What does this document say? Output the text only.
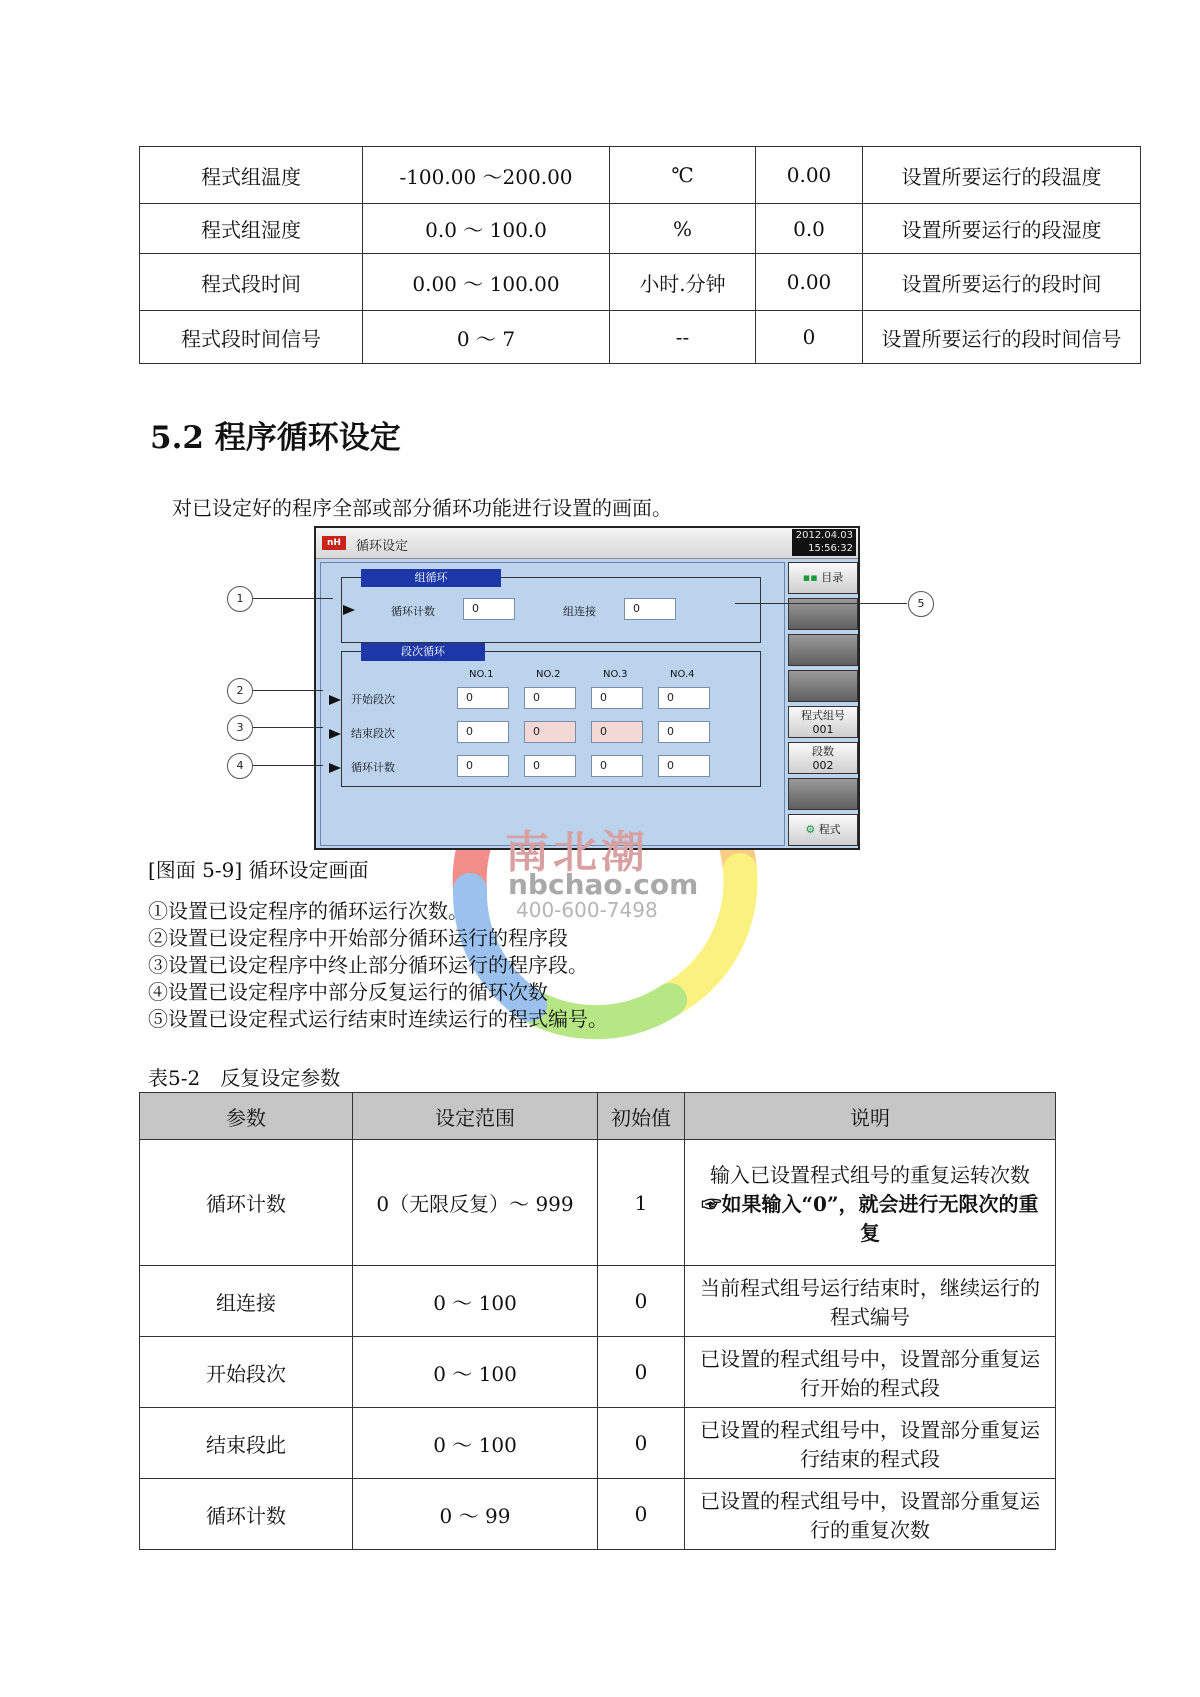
程式组温度	-100.00 ～200.00	℃	0.00	设置所要运行的段温度
程式组湿度	0.0 ～ 100.0	%	0.0	设置所要运行的段湿度
程式段时间	0.00 ～ 100.00	小时.分钟	0.00	设置所要运行的段时间
程式段时间信号	0 ～ 7	--	0	设置所要运行的段时间信号
5.2 程序循环设定

对已设定好的程序全部或部分循环功能进行设置的画面。

nH	循环设定
2012.04.03
15:56:32
组循环
循环计数	0	组连接	0
段次循环
NO.1	NO.2	NO.3	NO.4
开始段次	0	0	0	0
结束段次	0	0	0	0
循环计数	0	0	0	0
▪▪ 目录
程式组号
001
段数
002
⚙ 程式
1
2
3
4
5

[图面 5-9] 循环设定画面

①设置已设定程序的循环运行次数。
②设置已设定程序中开始部分循环运行的程序段
③设置已设定程序中终止部分循环运行的程序段。
④设置已设定程序中部分反复运行的循环次数
⑤设置已设定程式运行结束时连续运行的程式编号。
南北潮
nbchao.com
400-600-7498

表5-2　反复设定参数

参数	设定范围	初始值	说明
循环计数	0（无限反复）～ 999	1	输入已设置程式组号的重复运转次数
☞如果输入“0”，就会进行无限次的重复

组连接	0 ～ 100	0	当前程式组号运行结束时，继续运行的程式编号
开始段次	0 ～ 100	0	已设置的程式组号中，设置部分重复运行开始的程式段
结束段此	0 ～ 100	0	已设置的程式组号中，设置部分重复运行结束的程式段
循环计数	0 ～ 99	0	已设置的程式组号中，设置部分重复运行的重复次数
